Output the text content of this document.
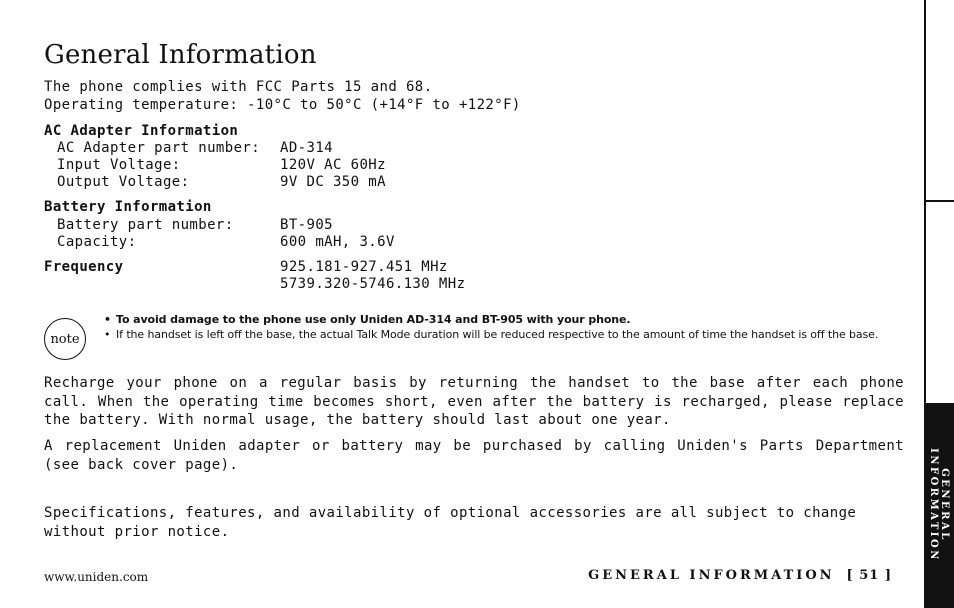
General Information
The phone complies with FCC Parts 15 and 68.
Operating temperature: -10°C to 50°C (+14°F to +122°F)
AC Adapter Information
AC Adapter part number: AD-314
Input Voltage:	120V AC 60Hz
Output Voltage:	9V DC 350 mA
Battery Information
Battery part number:	BT-905
Capacity:	600 mAH, 3.6V
Frequency	925.181-927.451 MHz
5739.320-5746.130 MHz
note
• To avoid damage to the phone use only Uniden AD-314 and BT-905 with your phone.
• If the handset is left off the base, the actual Talk Mode duration will be reduced respective to the amount of time the handset is off the base.

Recharge your phone on a regular basis by returning the handset to the base after each phone call. When the operating time becomes short, even after the battery is recharged, please replace the battery. With normal usage, the battery should last about one year.

A replacement Uniden adapter or battery may be purchased by calling Uniden's Parts Department (see back cover page).

Specifications, features, and availability of optional accessories are all subject to change without prior notice.

www.uniden.com	GENERAL INFORMATION [ 51 ]
GENERAL
INFORMATION
